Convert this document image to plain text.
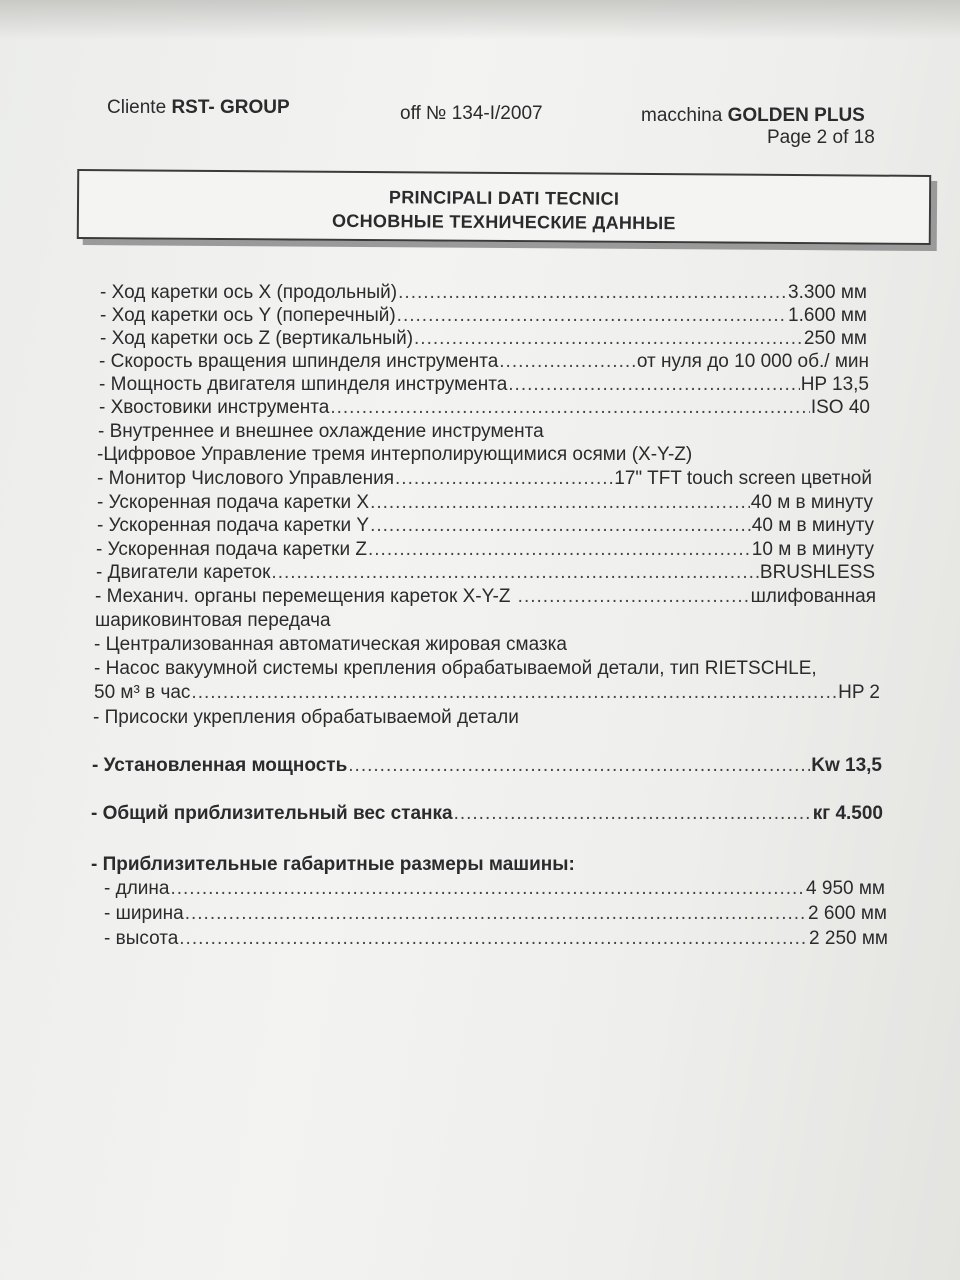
Cliente RST- GROUP	off № 134-I/2007	macchina GOLDEN PLUS
Page 2 of 18
PRINCIPALI DATI TECNICI
ОСНОВНЫЕ ТЕХНИЧЕСКИЕ ДАННЫЕ
- Ход каретки ось X (продольный) .....	3.300 мм
- Ход каретки ось Y (поперечный) .....	1.600 мм
- Ход каретки ось Z (вертикальный) .....	250 мм
- Скорость вращения шпинделя инструмента .....	от нуля до 10 000 об./ мин
- Мощность двигателя шпинделя инструмента .....	HP 13,5
- Хвостовики инструмента .....	ISO 40
- Внутреннее и внешнее охлаждение инструмента
-Цифровое Управление тремя интерполирующимися осями (X-Y-Z)
- Монитор Числового Управления .....	17" TFT touch screen цветной
- Ускоренная подача каретки X .....	40 м в минуту
- Ускоренная подача каретки Y .....	40 м в минуту
- Ускоренная подача каретки Z .....	10 м в минуту
- Двигатели кареток .....	BRUSHLESS
- Механич. органы перемещения кареток X-Y-Z .....	шлифованная
шариковинтовая передача
- Централизованная автоматическая жировая смазка
- Насос вакуумной системы крепления обрабатываемой детали, тип RIETSCHLE,
50 м³ в час .....	HP 2
- Присоски укрепления обрабатываемой детали
- Установленная мощность .....	Kw 13,5
- Общий приблизительный вес станка .....	кг 4.500
- Приблизительные габаритные размеры машины:
- длина .....	4 950 мм
- ширина .....	2 600 мм
- высота .....	2 250 мм
